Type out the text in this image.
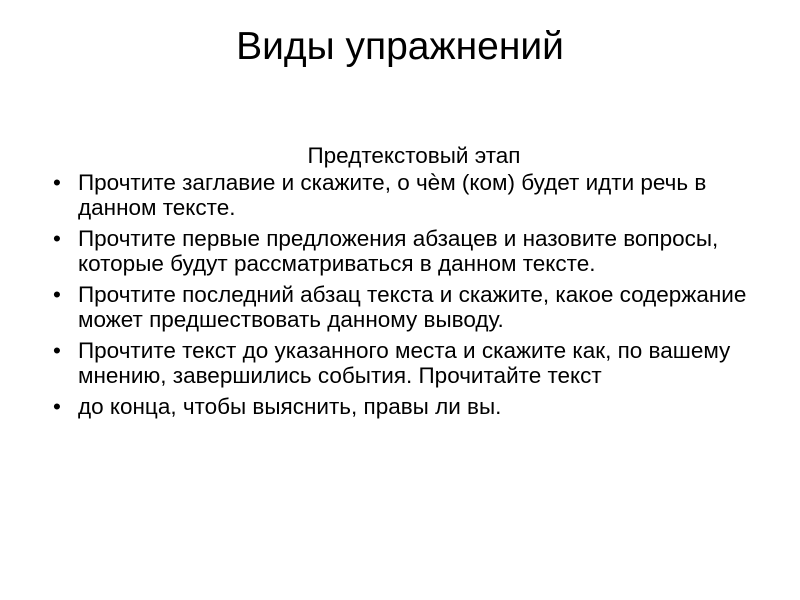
Виды упражнений
Предтекстовый этап
• Прочтите заглавие и скажите, о чѐм (ком) будет идти речь в данном тексте.
• Прочтите первые предложения абзацев и назовите вопросы, которые будут рассматриваться в данном тексте.
• Прочтите последний абзац текста и скажите, какое содержание может предшествовать данному выводу.
• Прочтите текст до указанного места и скажите как, по вашему мнению, завершились события. Прочитайте текст
• до конца, чтобы выяснить, правы ли вы.
